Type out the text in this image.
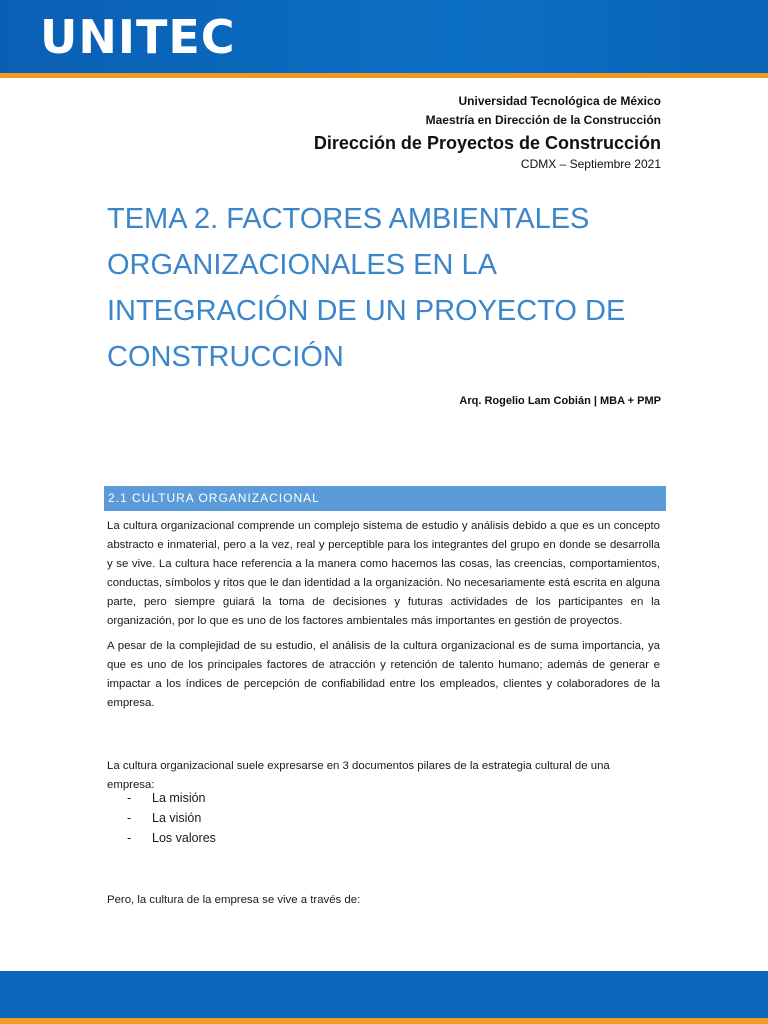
UNITEC
Universidad Tecnológica de México
Maestría en Dirección de la Construcción
Dirección de Proyectos de Construcción
CDMX – Septiembre 2021
TEMA 2. FACTORES AMBIENTALES ORGANIZACIONALES EN LA INTEGRACIÓN DE UN PROYECTO DE CONSTRUCCIÓN
Arq. Rogelio Lam Cobián | MBA + PMP
2.1 CULTURA ORGANIZACIONAL

La cultura organizacional comprende un complejo sistema de estudio y análisis debido a que es un concepto abstracto e inmaterial, pero a la vez, real y perceptible para los integrantes del grupo en donde se desarrolla y se vive. La cultura hace referencia a la manera como hacemos las cosas, las creencias, comportamientos, conductas, símbolos y ritos que le dan identidad a la organización. No necesariamente está escrita en alguna parte, pero siempre guiará la toma de decisiones y futuras actividades de los participantes en la organización, por lo que es uno de los factores ambientales más importantes en gestión de proyectos.

A pesar de la complejidad de su estudio, el análisis de la cultura organizacional es de suma importancia, ya que es uno de los principales factores de atracción y retención de talento humano; además de generar e impactar a los índices de percepción de confiabilidad entre los empleados, clientes y colaboradores de la empresa.

La cultura organizacional suele expresarse en 3 documentos pilares de la estrategia cultural de una empresa:

-	La misión
-	La visión
-	Los valores

Pero, la cultura de la empresa se vive a través de:
